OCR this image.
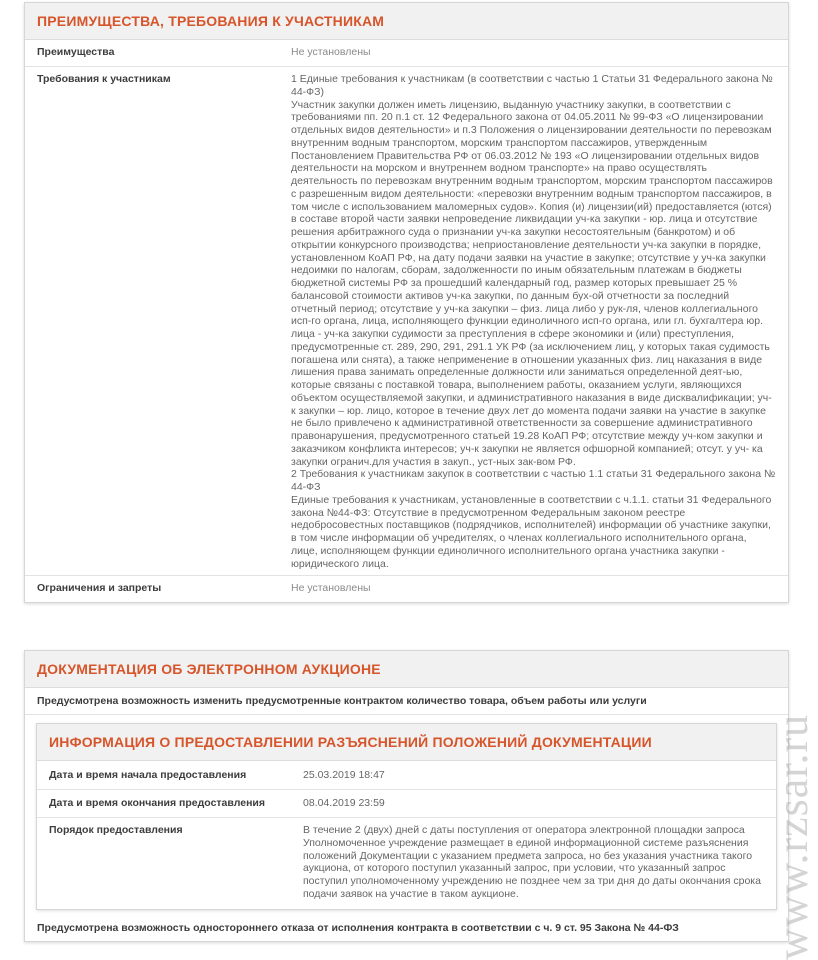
ПРЕИМУЩЕСТВА, ТРЕБОВАНИЯ К УЧАСТНИКАМ
Преимущества	Не установлены
Требования к участникам	1 Единые требования к участникам (в соответствии с частью 1 Статьи 31 Федерального закона № 44-ФЗ)
Участник закупки должен иметь лицензию, выданную участнику закупки, в соответствии с требованиями пп. 20 п.1 ст. 12 Федерального закона от 04.05.2011 № 99-ФЗ «О лицензировании отдельных видов деятельности» и п.3 Положения о лицензировании деятельности по перевозкам внутренним водным транспортом, морским транспортом пассажиров, утвержденным Постановлением Правительства РФ от 06.03.2012 № 193 «О лицензировании отдельных видов деятельности на морском и внутреннем водном транспорте» на право осуществлять деятельность по перевозкам внутренним водным транспортом, морским транспортом пассажиров с разрешенным видом деятельности: «перевозки внутренним водным транспортом пассажиров, в том числе с использованием маломерных судов». Копия (и) лицензии(ий) предоставляется (ются) в составе второй части заявки непроведение ликвидации уч-ка закупки - юр. лица и отсутствие решения арбитражного суда о признании уч-ка закупки несостоятельным (банкротом) и об открытии конкурсного производства; неприостановление деятельности уч-ка закупки в порядке, установленном КоАП РФ, на дату подачи заявки на участие в закупке; отсутствие у уч-ка закупки недоимки по налогам, сборам, задолженности по иным обязательным платежам в бюджеты бюджетной системы РФ за прошедший календарный год, размер которых превышает 25 % балансовой стоимости активов уч-ка закупки, по данным бух-ой отчетности за последний отчетный период; отсутствие у уч-ка закупки – физ. лица либо у рук-ля, членов коллегиального исп-го органа, лица, исполняющего функции единоличного исп-го органа, или гл. бухгалтера юр. лица - уч-ка закупки судимости за преступления в сфере экономики и (или) преступления, предусмотренные ст. 289, 290, 291, 291.1 УК РФ (за исключением лиц, у которых такая судимость погашена или снята), а также неприменение в отношении указанных физ. лиц наказания в виде лишения права занимать определенные должности или заниматься определенной деят-ью, которые связаны с поставкой товара, выполнением работы, оказанием услуги, являющихся объектом осуществляемой закупки, и административного наказания в виде дисквалификации; уч-к закупки – юр. лицо, которое в течение двух лет до момента подачи заявки на участие в закупке не было привлечено к административной ответственности за совершение административного правонарушения, предусмотренного статьей 19.28 КоАП РФ; отсутствие между уч-ком закупки и заказчиком конфликта интересов; уч-к закупки не является офшорной компанией; отсут. у уч- ка закупки огранич.для участия в закуп., уст-ных зак-вом РФ.
2 Требования к участникам закупок в соответствии с частью 1.1 статьи 31 Федерального закона № 44-ФЗ
Единые требования к участникам, установленные в соответствии с ч.1.1. статьи 31 Федерального закона №44-ФЗ: Отсутствие в предусмотренном Федеральным законом реестре недобросовестных поставщиков (подрядчиков, исполнителей) информации об участнике закупки, в том числе информации об учредителях, о членах коллегиального исполнительного органа, лице, исполняющем функции единоличного исполнительного органа участника закупки - юридического лица.
Ограничения и запреты	Не установлены
ДОКУМЕНТАЦИЯ ОБ ЭЛЕКТРОННОМ АУКЦИОНЕ
Предусмотрена возможность изменить предусмотренные контрактом количество товара, объем работы или услуги
ИНФОРМАЦИЯ О ПРЕДОСТАВЛЕНИИ РАЗЪЯСНЕНИЙ ПОЛОЖЕНИЙ ДОКУМЕНТАЦИИ
Дата и время начала предоставления	25.03.2019 18:47
Дата и время окончания предоставления	08.04.2019 23:59
Порядок предоставления	В течение 2 (двух) дней с даты поступления от оператора электронной площадки запроса Уполномоченное учреждение размещает в единой информационной системе разъяснения положений Документации с указанием предмета запроса, но без указания участника такого аукциона, от которого поступил указанный запрос, при условии, что указанный запрос поступил уполномоченному учреждению не позднее чем за три дня до даты окончания срока подачи заявок на участие в таком аукционе.
Предусмотрена возможность одностороннего отказа от исполнения контракта в соответствии с ч. 9 ст. 95 Закона № 44-ФЗ	www.rzsar.ru
